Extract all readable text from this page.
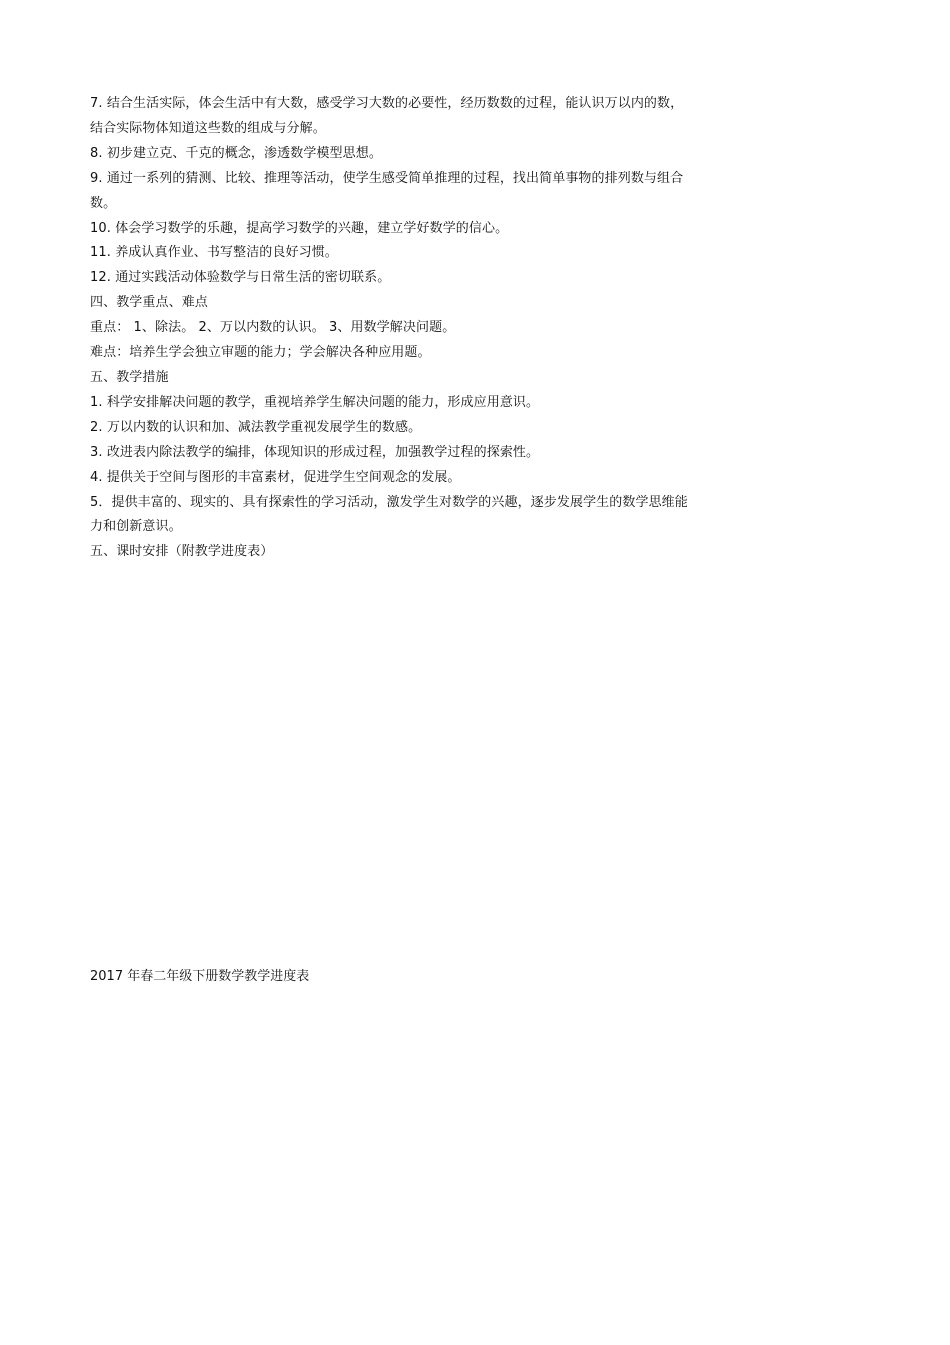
7. 结合生活实际，体会生活中有大数，感受学习大数的必要性，经历数数的过程，能认识万以内的数，

结合实际物体知道这些数的组成与分解。

8. 初步建立克、千克的概念，渗透数学模型思想。

9. 通过一系列的猜测、比较、推理等活动，使学生感受简单推理的过程，找出简单事物的排列数与组合

数。

10. 体会学习数学的乐趣，提高学习数学的兴趣，建立学好数学的信心。

11. 养成认真作业、书写整洁的良好习惯。

12. 通过实践活动体验数学与日常生活的密切联系。

四、教学重点、难点

重点： 1、除法。 2、万以内数的认识。 3、用数学解决问题。

难点：培养生学会独立审题的能力；学会解决各种应用题。

五、教学措施

1. 科学安排解决问题的教学，重视培养学生解决问题的能力，形成应用意识。

2. 万以内数的认识和加、减法教学重视发展学生的数感。

3. 改进表内除法教学的编排，体现知识的形成过程，加强教学过程的探索性。

4. 提供关于空间与图形的丰富素材，促进学生空间观念的发展。

5．提供丰富的、现实的、具有探索性的学习活动，激发学生对数学的兴趣，逐步发展学生的数学思维能

力和创新意识。

五、课时安排（附教学进度表）

2017 年春二年级下册数学教学进度表
